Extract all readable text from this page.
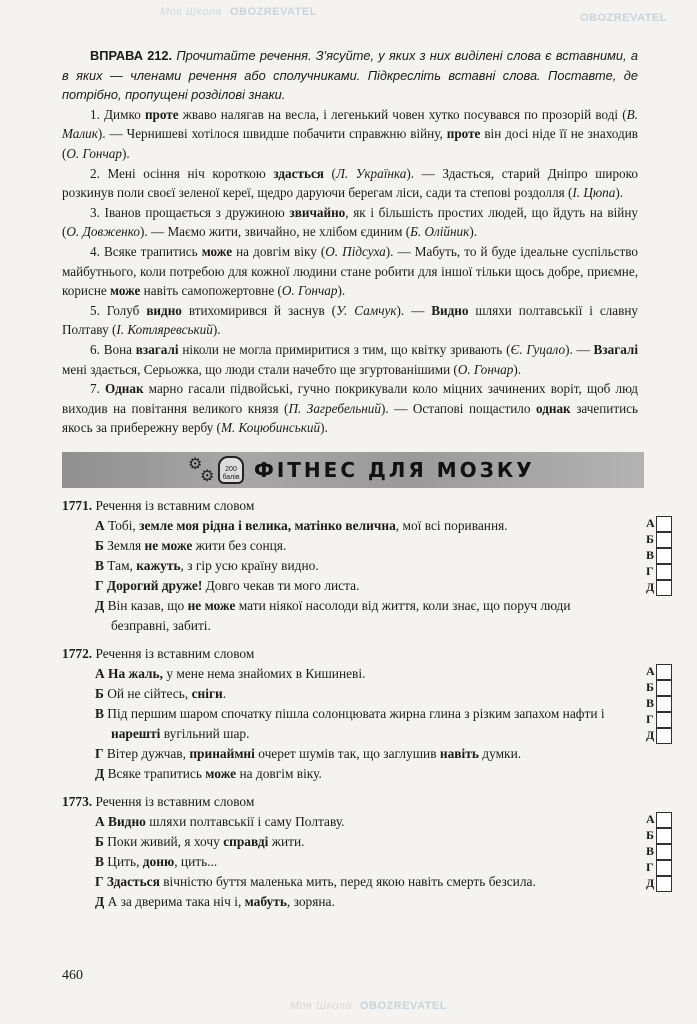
Моя Школа OBOZREVATEL	OBOZREVATEL
Моя Школа OBOZREVATEL

ВПРАВА 212. Прочитайте речення. З'ясуйте, у яких з них виділені слова є вставними, а в яких — членами речення або сполучниками. Підкресліть вставні слова. Поставте, де потрібно, пропущені розділові знаки.

1. Димко проте жваво налягав на весла, і легенький човен хутко посувався по прозорій воді (В. Малик). — Чернишеві хотілося швидше побачити справжню війну, проте він досі ніде її не знаходив (О. Гончар).

2. Мені осіння ніч короткою здасться (Л. Українка). — Здасться, старий Дніпро широко розкинув поли своєї зеленої кереї, щедро даруючи берегам ліси, сади та степові роздолля (І. Цюпа).

3. Іванов прощається з дружиною звичайно, як і більшість простих людей, що йдуть на війну (О. Довженко). — Маємо жити, звичайно, не хлібом єдиним (Б. Олійник).

4. Всяке трапитись може на довгім віку (О. Підсуха). — Мабуть, то й буде ідеальне суспільство майбутнього, коли потребою для кожної людини стане робити для іншої тільки щось добре, приємне, корисне може навіть самопожертовне (О. Гончар).

5. Голуб видно втихомирився й заснув (У. Самчук). — Видно шляхи полтавськії і славну Полтаву (І. Котляревський).

6. Вона взагалі ніколи не могла примиритися з тим, що квітку зривають (Є. Гуцало). — Взагалі мені здається, Серьожка, що люди стали начебто ще згуртованішими (О. Гончар).

7. Однак марно гасали підвойські, гучно покрикували коло міцних зачинених воріт, щоб люд виходив на повітання великого князя (П. Загребельний). — Остапові пощастило однак зачепитись якось за прибережну вербу (М. Коцюбинський).

⚙
⚙	200 балів ФІТНЕС ДЛЯ МОЗКУ
1771. Речення із вставним словом
А Тобі, земле моя рідна і велика, матінко велична, мої всі поривання.
Б Земля не може жити без сонця.
В Там, кажуть, з гір усю країну видно.
Г Дорогий друже! Довго чекав ти мого листа.
Д Він казав, що не може мати ніякої насолоди від життя, коли знає, що поруч люди безправні, забиті.
А
Б
В
Г
Д
1772. Речення із вставним словом
А На жаль, у мене нема знайомих в Кишиневі.
Б Ой не сійтесь, сніги.
В Під першим шаром спочатку пішла солонцювата жирна глина з різким запахом нафти і нарешті вугільний шар.
Г Вітер дужчав, принаймні очерет шумів так, що заглушив навіть думки.
Д Всяке трапитись може на довгім віку.
А
Б
В
Г
Д
1773. Речення із вставним словом
А Видно шляхи полтавськії і саму Полтаву.
Б Поки живий, я хочу справді жити.
В Цить, доню, цить...
Г Здасться вічністю буття маленька мить, перед якою навіть смерть безсила.
Д А за дверима така ніч і, мабуть, зоряна.
А
Б
В
Г
Д
460
